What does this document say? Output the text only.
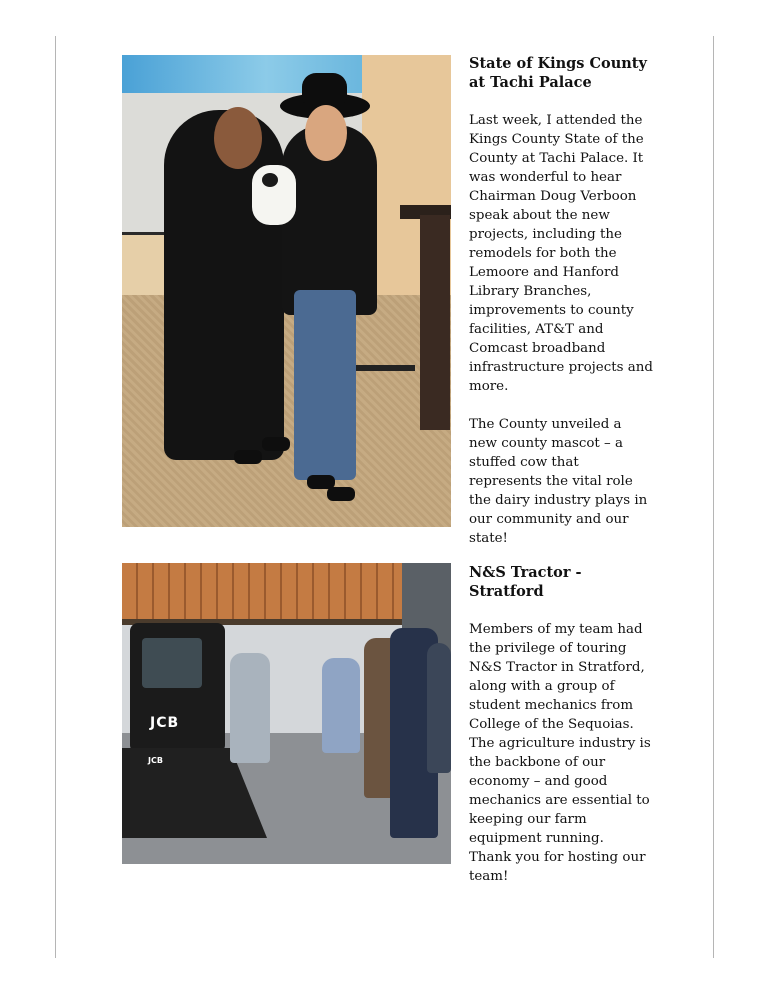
JCB
JCB
State of Kings County
at Tachi Palace

Last week, I attended the
Kings County State of the
County at Tachi Palace. It
was wonderful to hear
Chairman Doug Verboon
speak about the new
projects, including the
remodels for both the
Lemoore and Hanford
Library Branches,
improvements to county
facilities, AT&T and
Comcast broadband
infrastructure projects and
more.

The County unveiled a
new county mascot – a
stuffed cow that
represents the vital role
the dairy industry plays in
our community and our
state!

N&S Tractor -
Stratford

Members of my team had
the privilege of touring
N&S Tractor in Stratford,
along with a group of
student mechanics from
College of the Sequoias.
The agriculture industry is
the backbone of our
economy – and good
mechanics are essential to
keeping our farm
equipment running.
Thank you for hosting our
team!
